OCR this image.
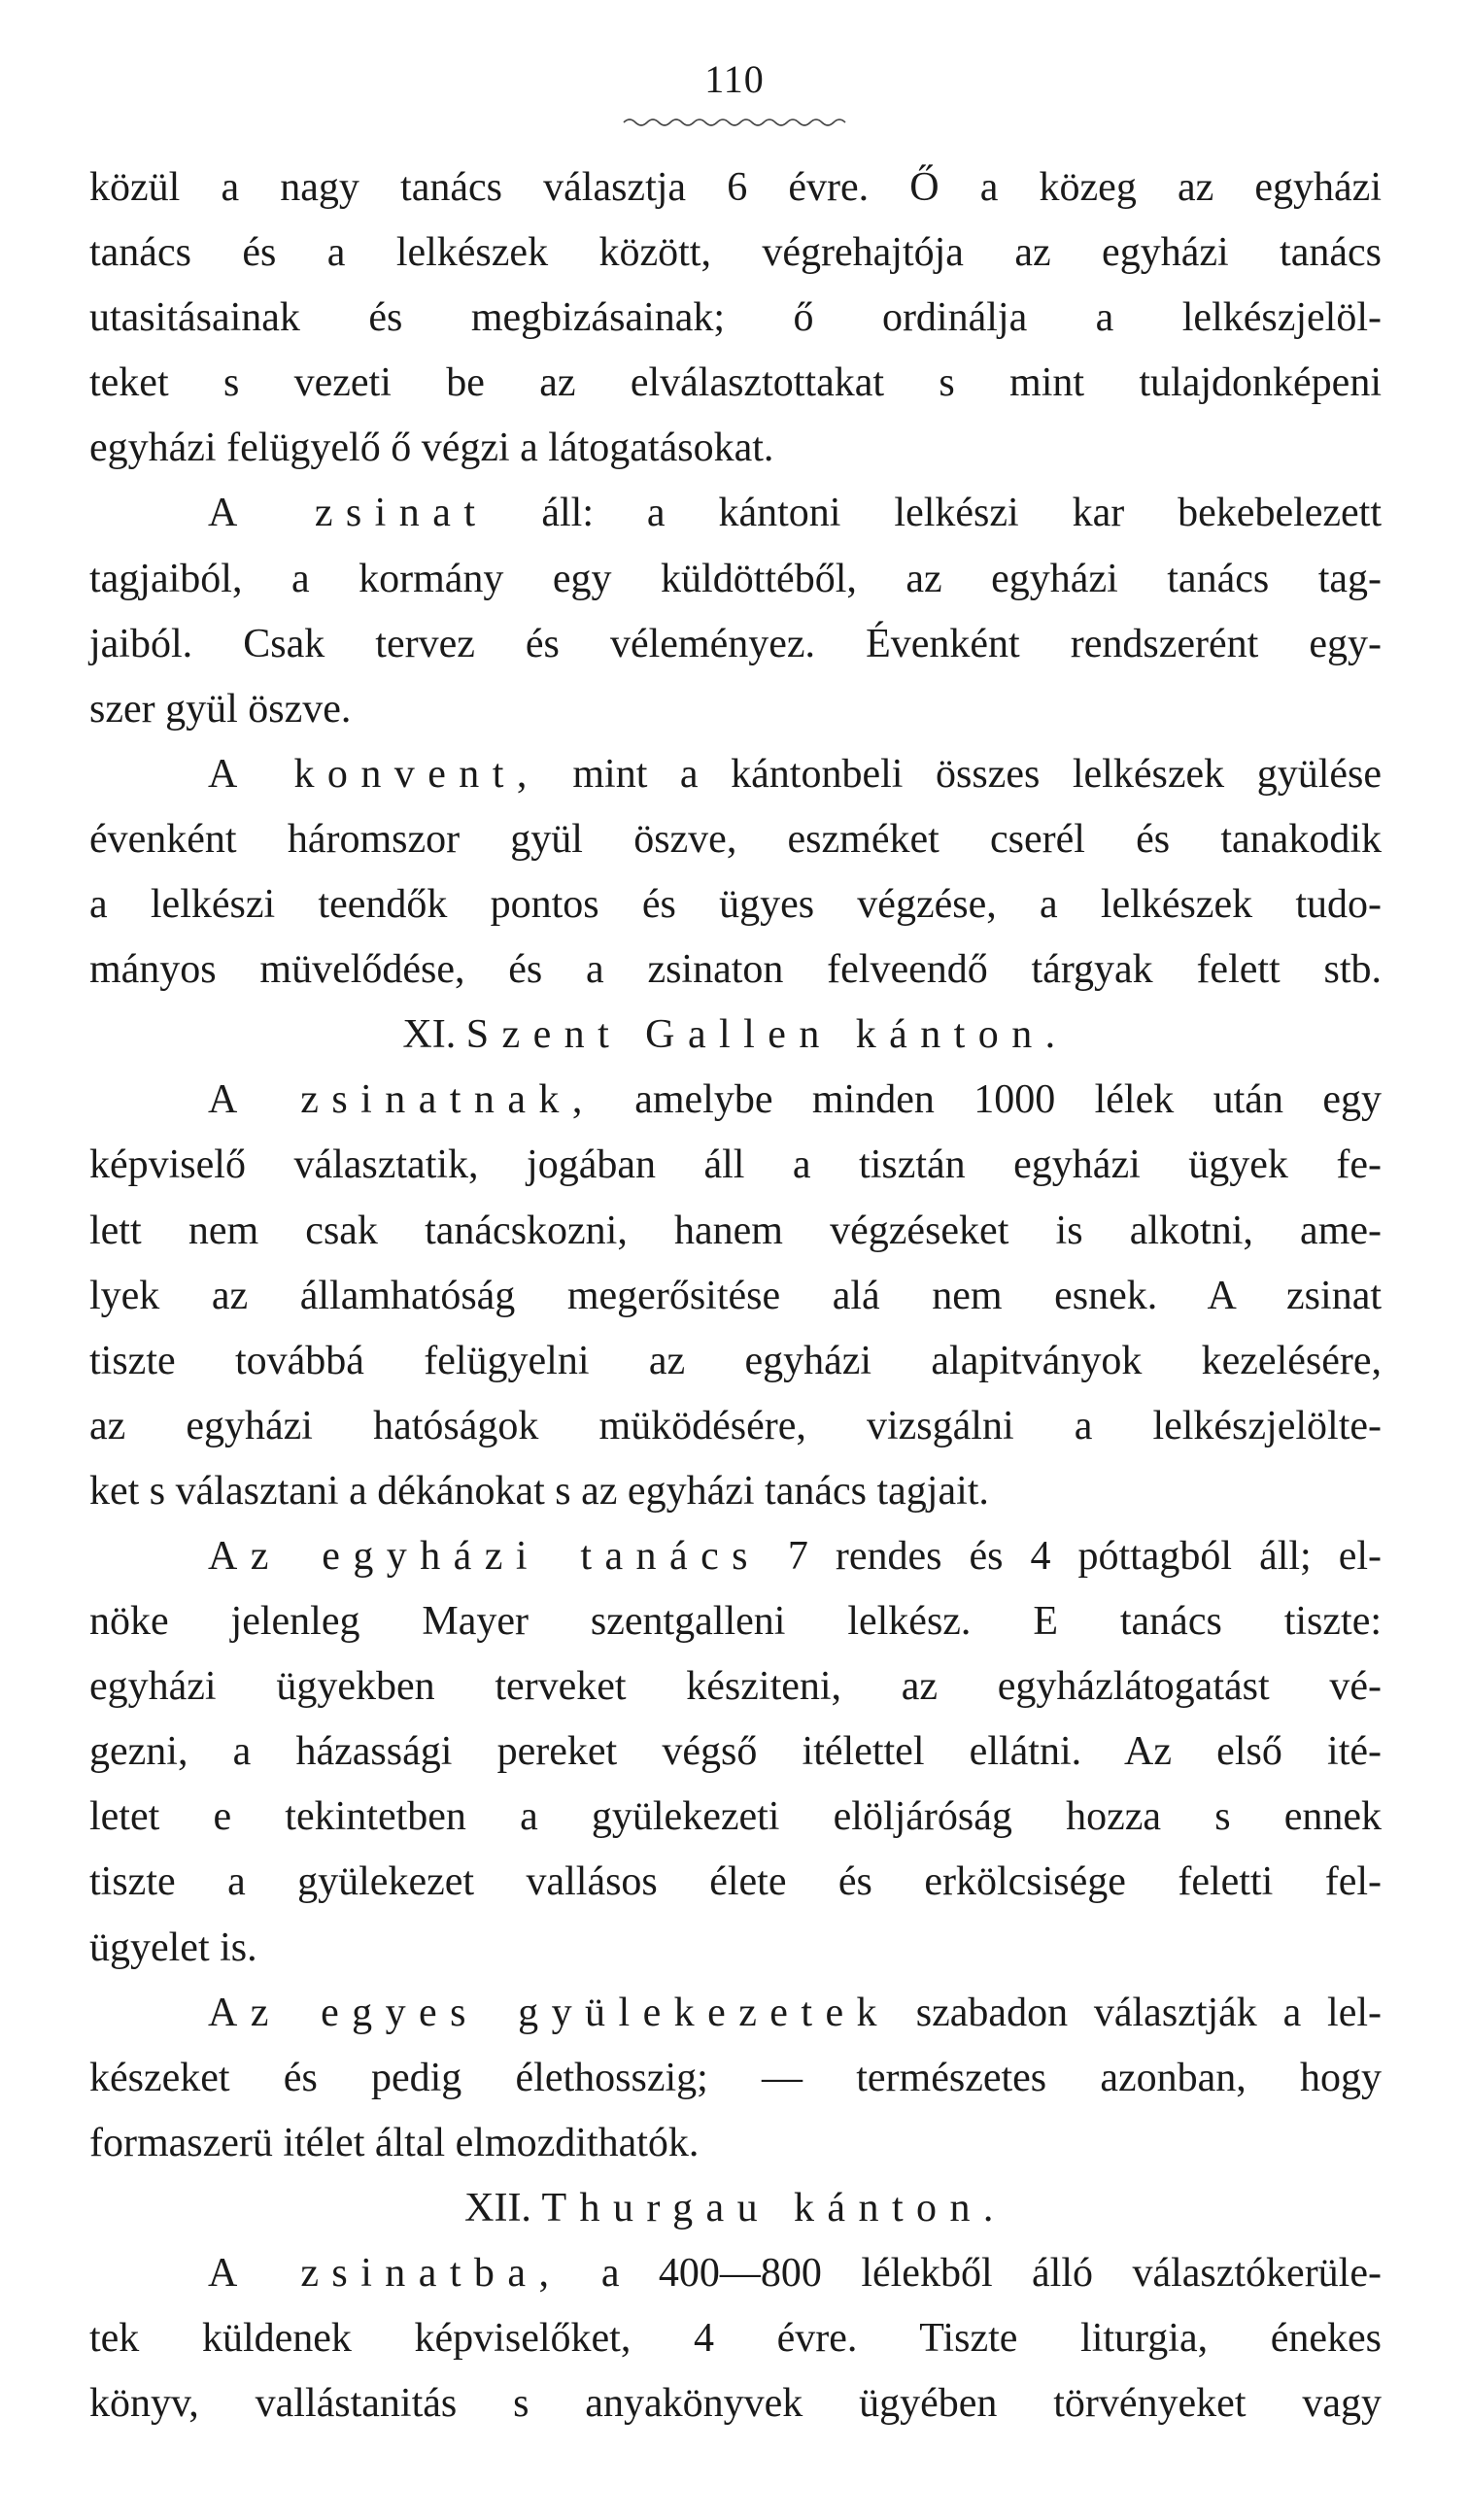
110
közül a nagy tanács választja 6 évre. Ő a közeg az egyházi
tanács és a lelkészek között, végrehajtója az egyházi tanács
utasitásainak és megbizásainak; ő ordinálja a lelkészjelöl-
teket s vezeti be az elválasztottakat s mint tulajdonképeni
egyházi felügyelő ő végzi a látogatásokat.
A zsinat áll: a kántoni lelkészi kar bekebelezett
tagjaiból, a kormány egy küldöttéből, az egyházi tanács tag-
jaiból. Csak tervez és véleményez. Évenként rendszerént egy-
szer gyül öszve.
A konvent, mint a kántonbeli összes lelkészek gyülése
évenként háromszor gyül öszve, eszméket cserél és tanakodik
a lelkészi teendők pontos és ügyes végzése, a lelkészek tudo-
mányos müvelődése, és a zsinaton felveendő tárgyak felett stb.
XI. Szent Gallen kánton.
A zsinatnak, amelybe minden 1000 lélek után egy
képviselő választatik, jogában áll a tisztán egyházi ügyek fe-
lett nem csak tanácskozni, hanem végzéseket is alkotni, ame-
lyek az államhatóság megerősitése alá nem esnek. A zsinat
tiszte továbbá felügyelni az egyházi alapitványok kezelésére,
az egyházi hatóságok müködésére, vizsgálni a lelkészjelölte-
ket s választani a dékánokat s az egyházi tanács tagjait.
Az egyházi tanács 7 rendes és 4 póttagból áll; el-
nöke jelenleg Mayer szentgalleni lelkész. E tanács tiszte:
egyházi ügyekben terveket késziteni, az egyházlátogatást vé-
gezni, a házassági pereket végső itélettel ellátni. Az első ité-
letet e tekintetben a gyülekezeti elöljáróság hozza s ennek
tiszte a gyülekezet vallásos élete és erkölcsisége feletti fel-
ügyelet is.
Az egyes gyülekezetek szabadon választják a lel-
készeket és pedig élethosszig; — természetes azonban, hogy
formaszerü itélet által elmozdithatók.
XII. Thurgau kánton.
A zsinatba, a 400—800 lélekből álló választókerüle-
tek küldenek képviselőket, 4 évre. Tiszte liturgia, énekes
könyv, vallástanitás s anyakönyvek ügyében törvényeket vagy
